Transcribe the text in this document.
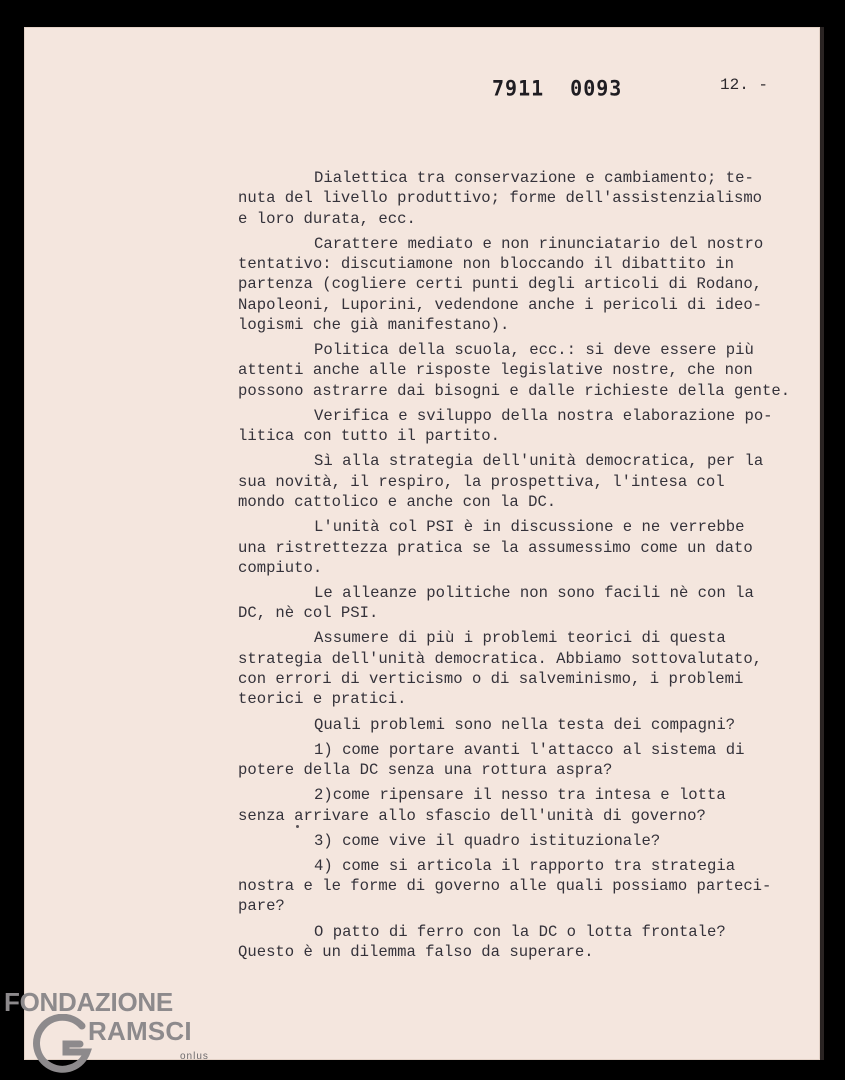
7911 0093	12. -
Dialettica tra conservazione e cambiamento; te-
nuta del livello produttivo; forme dell'assistenzialismo
e loro durata, ecc.
Carattere mediato e non rinunciatario del nostro
tentativo: discutiamone non bloccando il dibattito in
partenza (cogliere certi punti degli articoli di Rodano,
Napoleoni, Luporini, vedendone anche i pericoli di ideo-
logismi che già manifestano).
Politica della scuola, ecc.: si deve essere più
attenti anche alle risposte legislative nostre, che non
possono astrarre dai bisogni e dalle richieste della gente.
Verifica e sviluppo della nostra elaborazione po-
litica con tutto il partito.
Sì alla strategia dell'unità democratica, per la
sua novità, il respiro, la prospettiva, l'intesa col
mondo cattolico e anche con la DC.
L'unità col PSI è in discussione e ne verrebbe
una ristrettezza pratica se la assumessimo come un dato
compiuto.
Le alleanze politiche non sono facili nè con la
DC, nè col PSI.
Assumere di più i problemi teorici di questa
strategia dell'unità democratica. Abbiamo sottovalutato,
con errori di verticismo o di salveminismo, i problemi
teorici e pratici.
Quali problemi sono nella testa dei compagni?
1) come portare avanti l'attacco al sistema di
potere della DC senza una rottura aspra?
2)come ripensare il nesso tra intesa e lotta
senza arrivare allo sfascio dell'unità di governo?
3) come vive il quadro istituzionale?
4) come si articola il rapporto tra strategia
nostra e le forme di governo alle quali possiamo parteci-
pare?
O patto di ferro con la DC o lotta frontale?
Questo è un dilemma falso da superare.
FONDAZIONE
RAMSCI
onlus
